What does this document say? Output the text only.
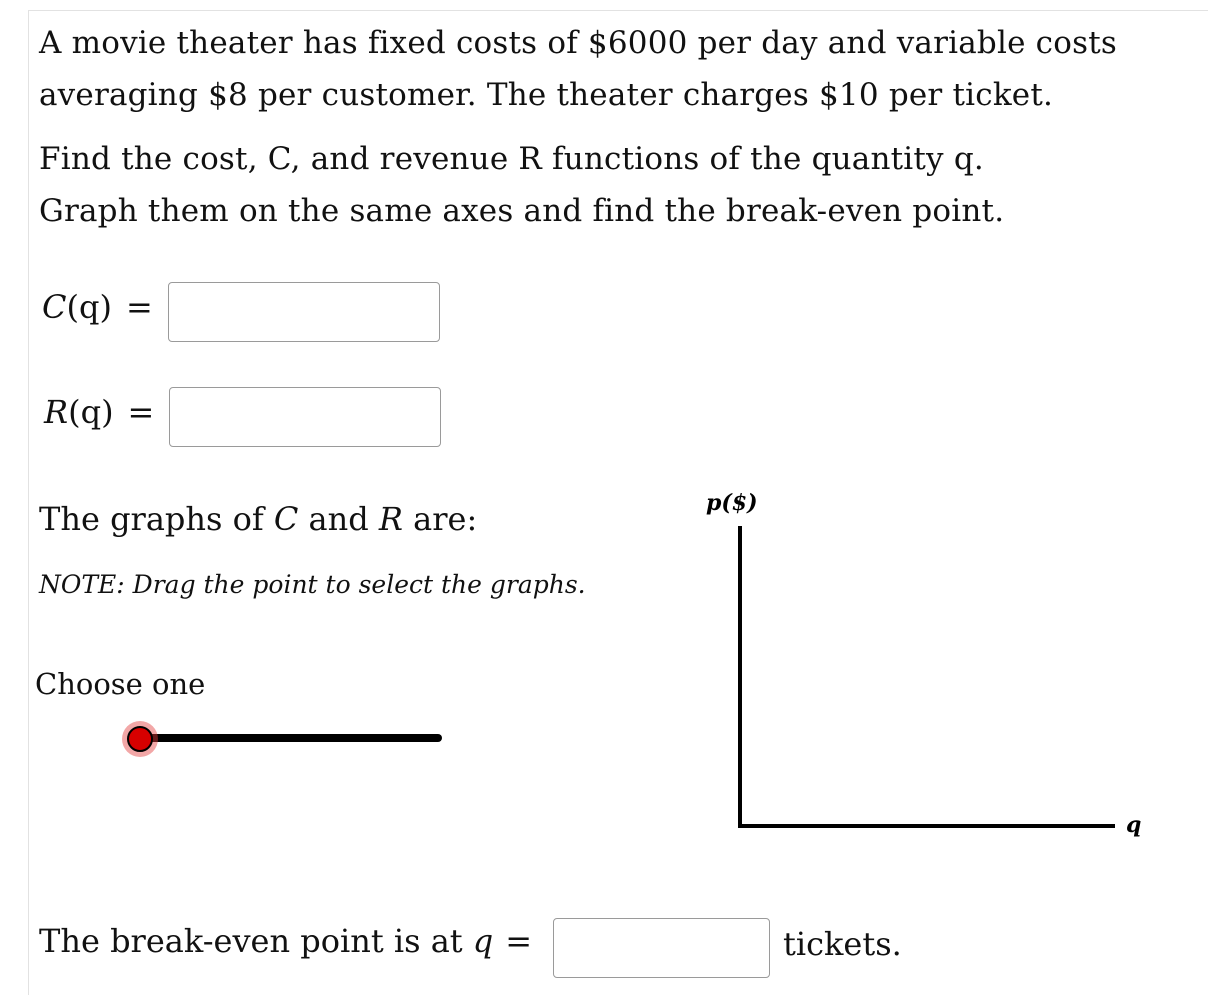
A movie theater has fixed costs of $6000 per day and variable costs
averaging $8 per customer. The theater charges $10 per ticket.
Find the cost, C, and revenue R functions of the quantity q.
Graph them on the same axes and find the break-even point.
C(q) =
R(q) =
The graphs of C and R are:
NOTE: Drag the point to select the graphs.
Choose one
p($)
q
The break-even point is at q =	tickets.
